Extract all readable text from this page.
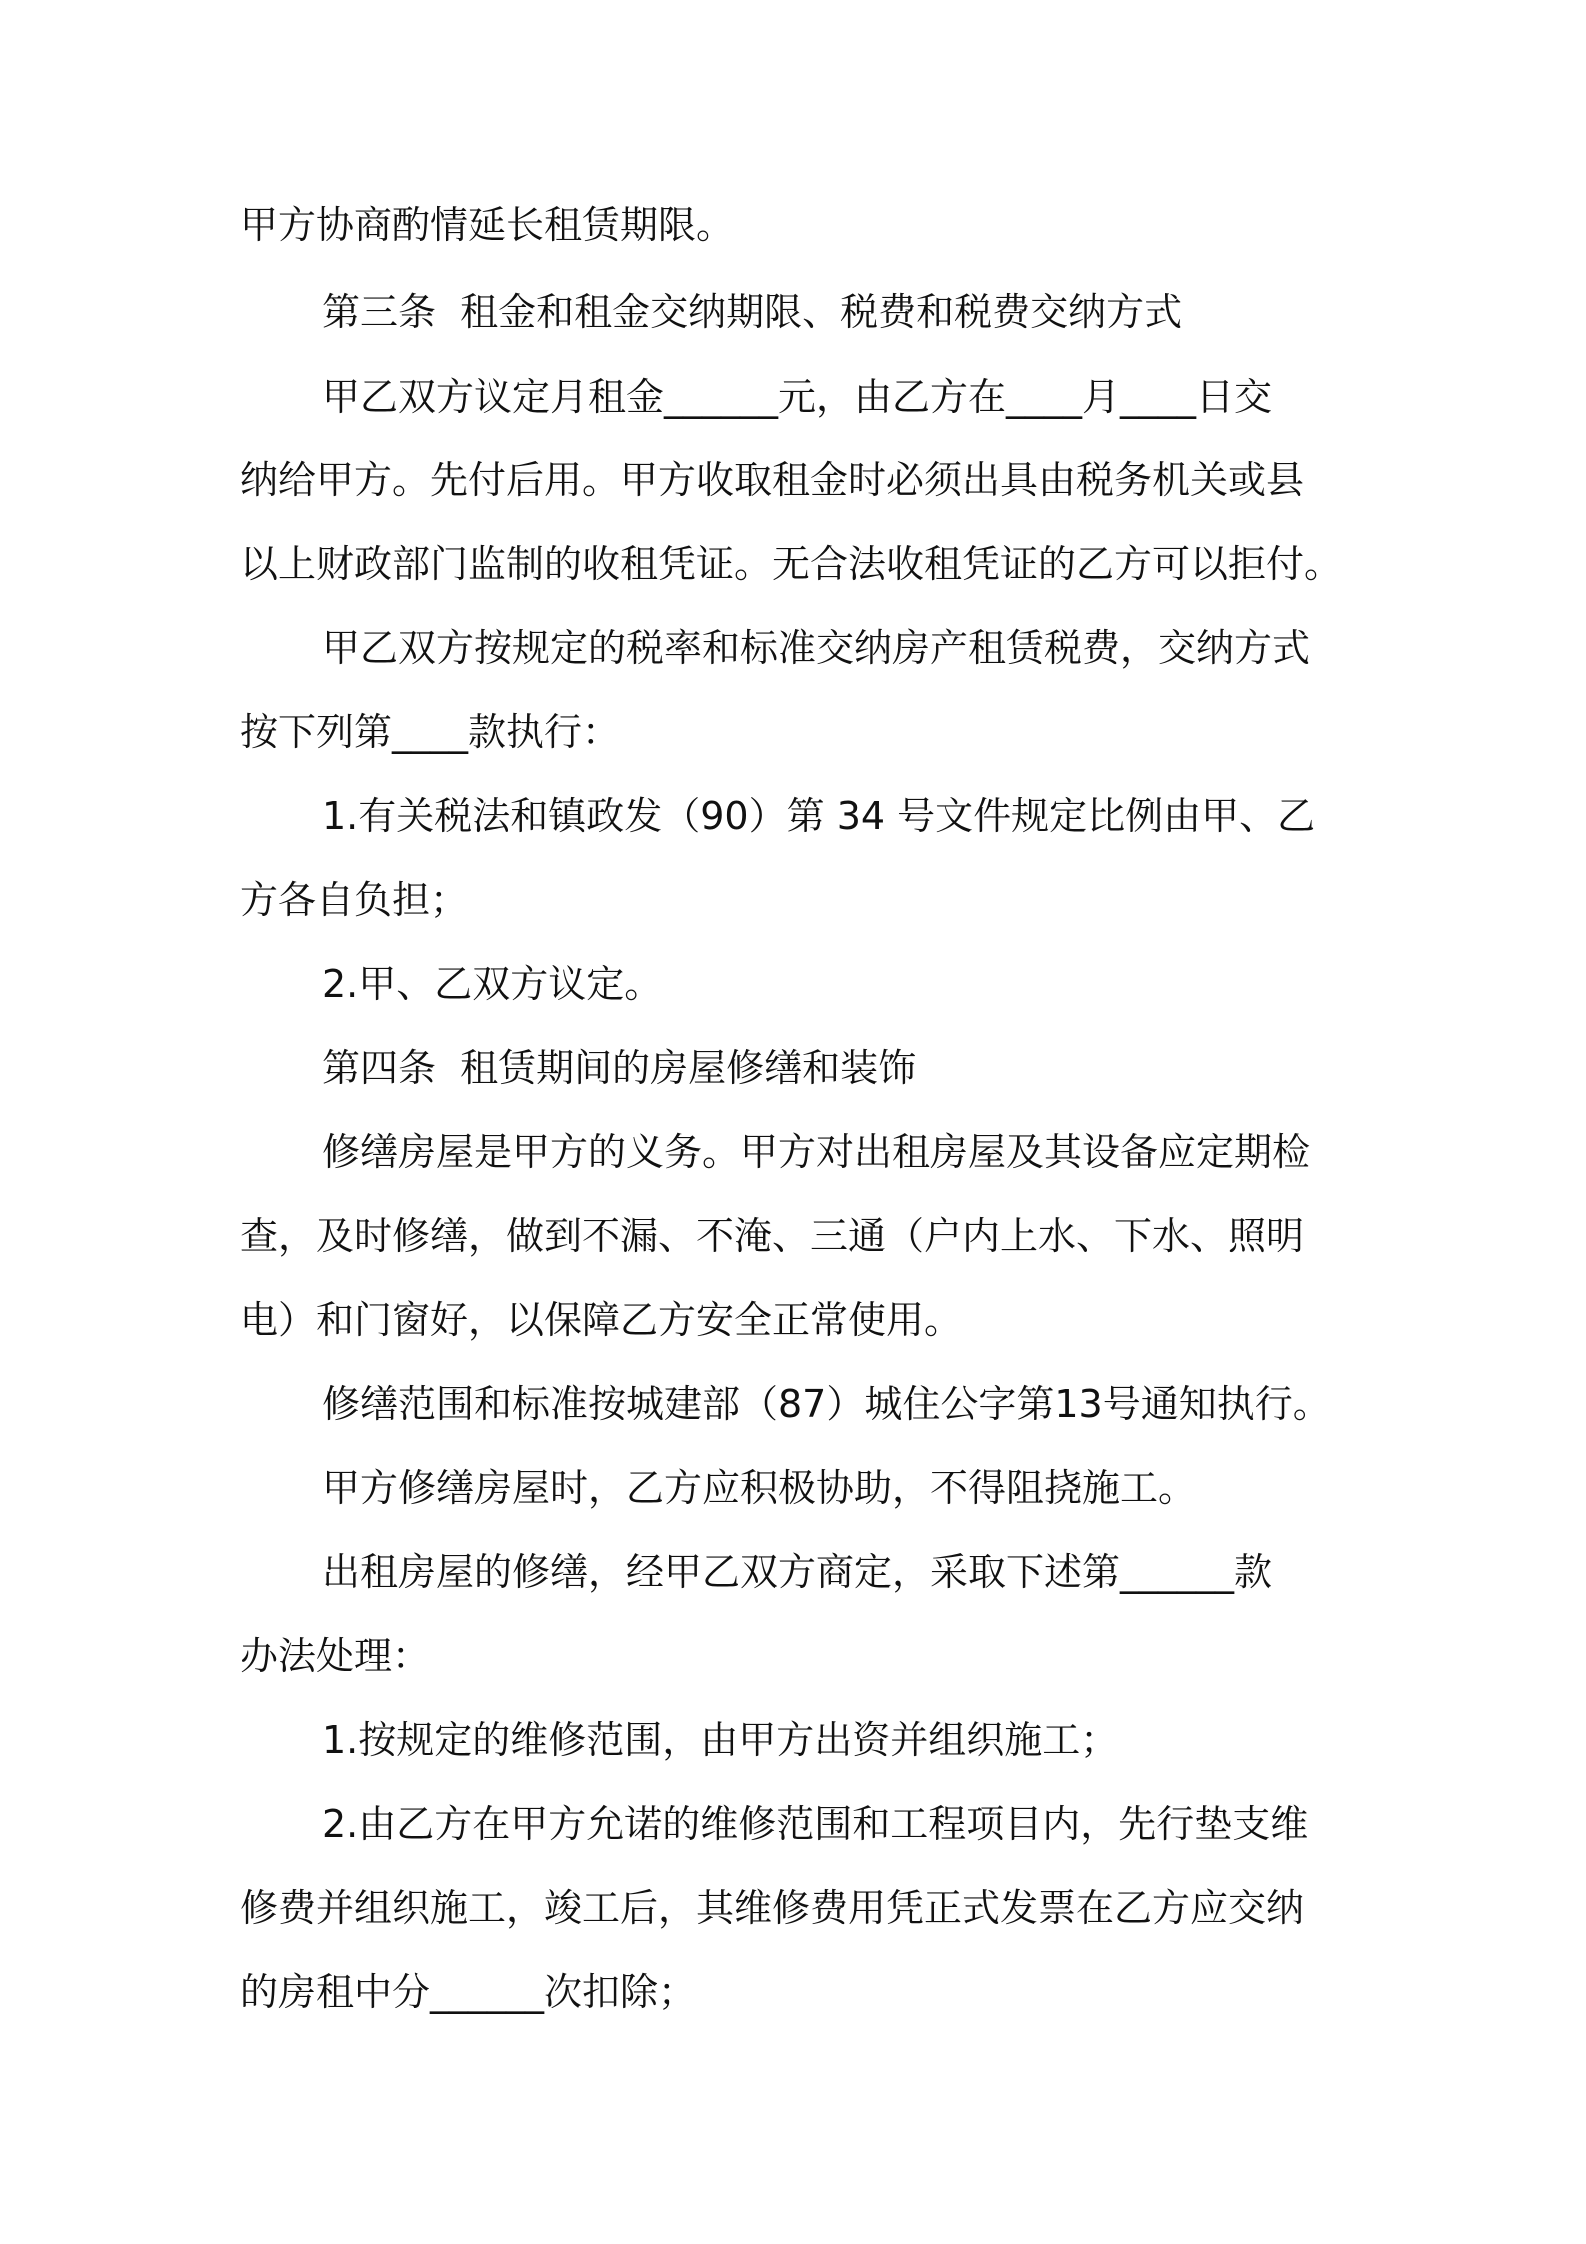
甲方协商酌情延长租赁期限。
第三条  租金和租金交纳期限、税费和税费交纳方式
甲乙双方议定月租金______元，由乙方在____月____日交
纳给甲方。先付后用。甲方收取租金时必须出具由税务机关或县
以上财政部门监制的收租凭证。无合法收租凭证的乙方可以拒付。
甲乙双方按规定的税率和标准交纳房产租赁税费，交纳方式
按下列第____款执行：
1.有关税法和镇政发（90）第 34 号文件规定比例由甲、乙
方各自负担；
2.甲、乙双方议定。
第四条  租赁期间的房屋修缮和装饰
修缮房屋是甲方的义务。甲方对出租房屋及其设备应定期检
查，及时修缮，做到不漏、不淹、三通（户内上水、下水、照明
电）和门窗好，以保障乙方安全正常使用。
修缮范围和标准按城建部（87）城住公字第13号通知执行。
甲方修缮房屋时，乙方应积极协助，不得阻挠施工。
出租房屋的修缮，经甲乙双方商定，采取下述第______款
办法处理：
1.按规定的维修范围，由甲方出资并组织施工；
2.由乙方在甲方允诺的维修范围和工程项目内，先行垫支维
修费并组织施工，竣工后，其维修费用凭正式发票在乙方应交纳
的房租中分______次扣除；
